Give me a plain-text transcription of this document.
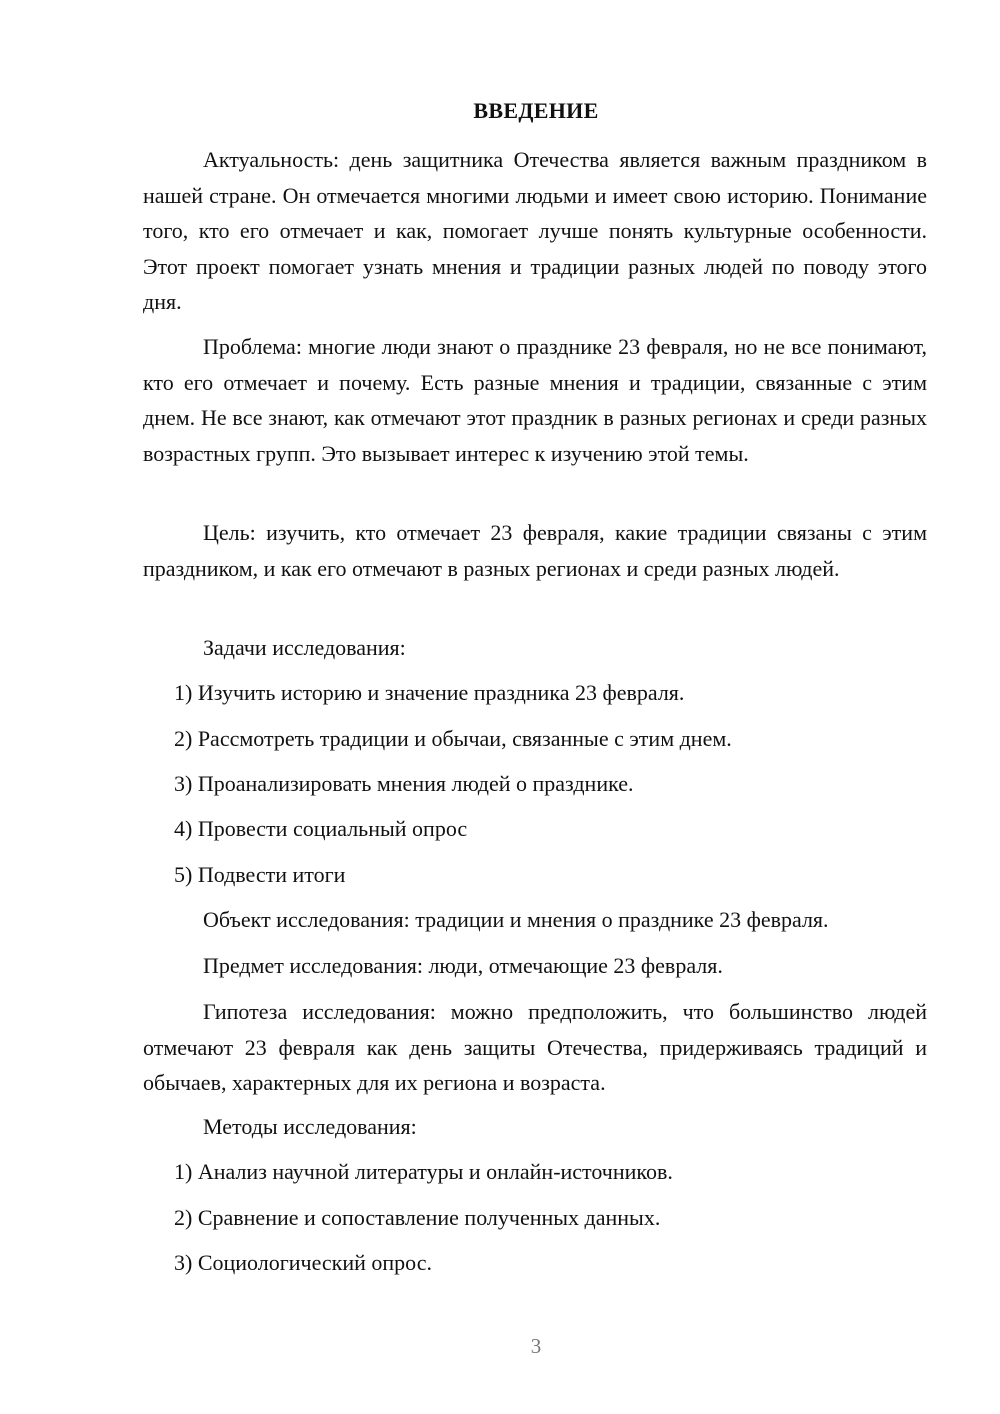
ВВЕДЕНИЕ

Актуальность: день защитника Отечества является важным праздником в нашей стране. Он отмечается многими людьми и имеет свою историю. Понимание того, кто его отмечает и как, помогает лучше понять культурные особенности. Этот проект помогает узнать мнения и традиции разных людей по поводу этого дня.

Проблема: многие люди знают о празднике 23 февраля, но не все понимают, кто его отмечает и почему. Есть разные мнения и традиции, связанные с этим днем. Не все знают, как отмечают этот праздник в разных регионах и среди разных возрастных групп. Это вызывает интерес к изучению этой темы.

Цель: изучить, кто отмечает 23 февраля, какие традиции связаны с этим праздником, и как его отмечают в разных регионах и среди разных людей.

Задачи исследования:

1) Изучить историю и значение праздника 23 февраля.

2) Рассмотреть традиции и обычаи, связанные с этим днем.

3) Проанализировать мнения людей о празднике.

4) Провести социальный опрос

5) Подвести итоги

Объект исследования: традиции и мнения о празднике 23 февраля.

Предмет исследования: люди, отмечающие 23 февраля.

Гипотеза исследования: можно предположить, что большинство людей отмечают 23 февраля как день защиты Отечества, придерживаясь традиций и обычаев, характерных для их региона и возраста.

Методы исследования:

1) Анализ научной литературы и онлайн-источников.

2) Сравнение и сопоставление полученных данных.

3) Социологический опрос.

3
